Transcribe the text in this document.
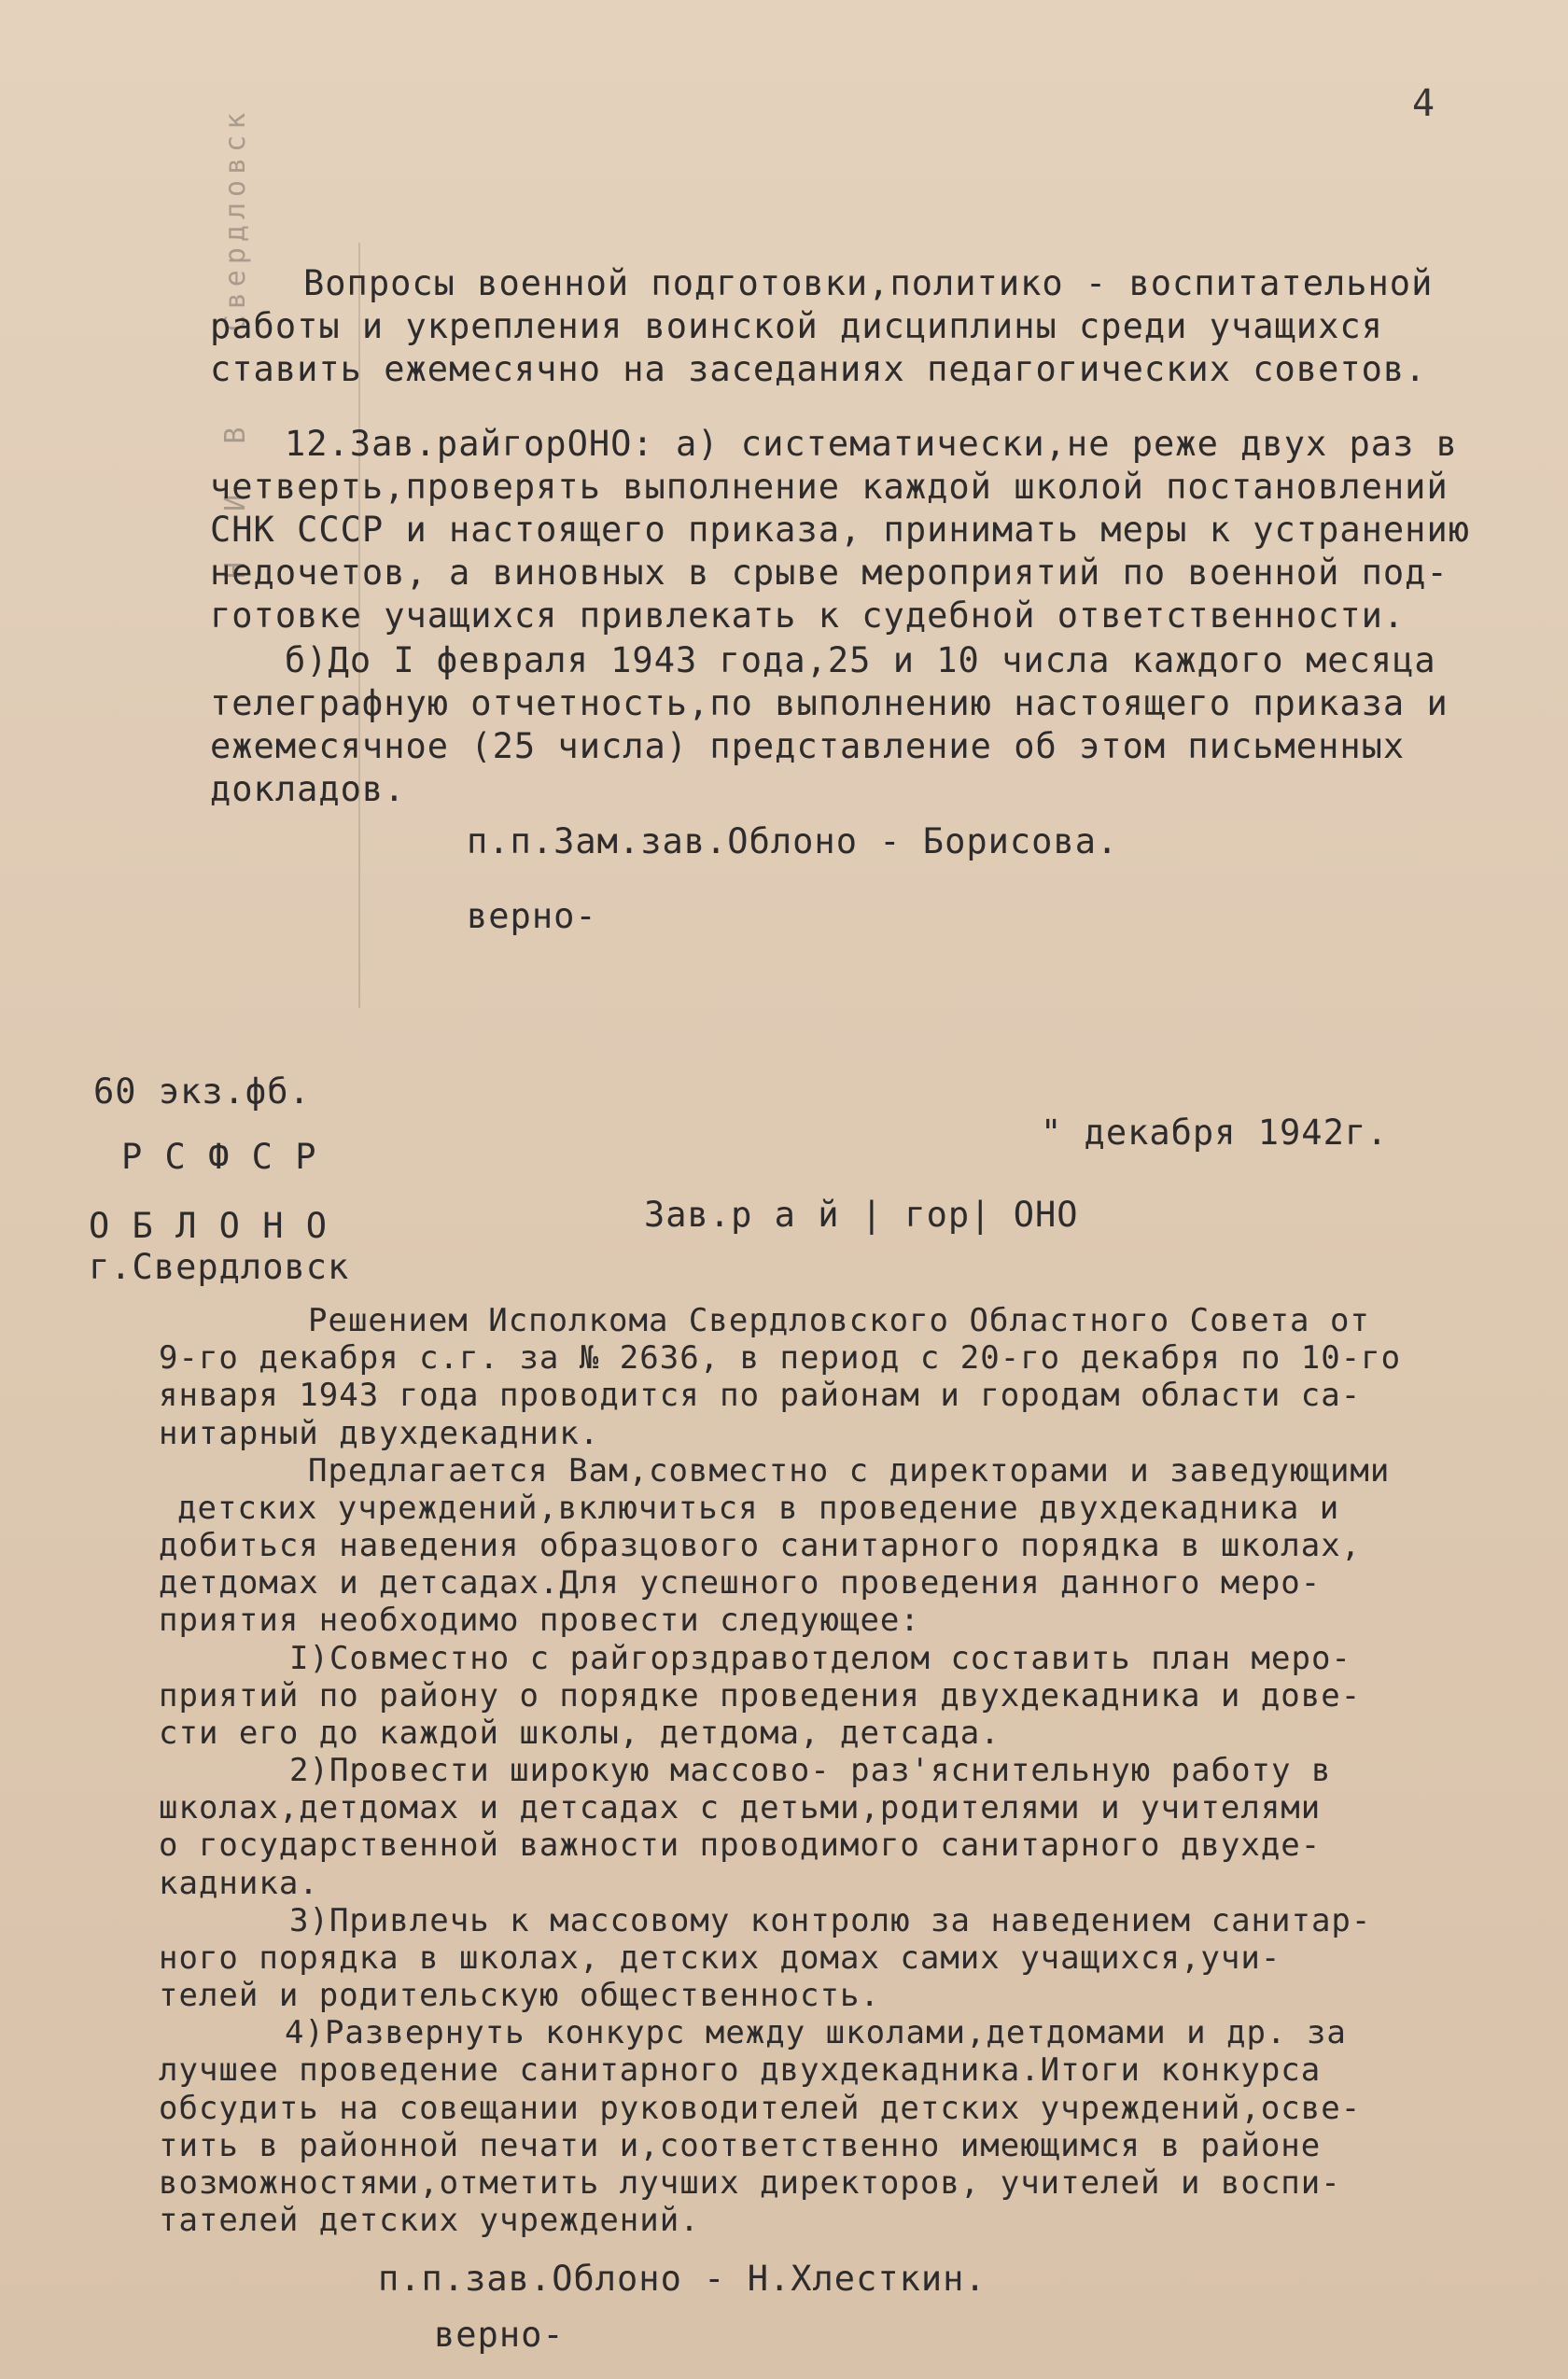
Н  И  В    Свердловск
4
Вопросы военной подготовки,политико - воспитательной
работы и укрепления воинской дисциплины среди учащихся
ставить ежемесячно на заседаниях педагогических советов.
12.Зав.райгорОНО: а) систематически,не реже двух раз в
четверть,проверять выполнение каждой школой постановлений
СНК СССР и настоящего приказа, принимать меры к устранению
недочетов, а виновных в срыве мероприятий по военной под-
готовке учащихся привлекать к судебной ответственности.
б)До I февраля 1943 года,25 и 10 числа каждого месяца
телеграфную отчетность,по выполнению настоящего приказа и
ежемесячное (25 числа) представление об этом письменных
докладов.
п.п.Зам.зав.Облоно - Борисова.
верно-
60 экз.фб.
" декабря 1942г.
Р С Ф С Р
Зав.р а й | гор| ОНО
О Б Л О Н О
г.Свердловск
Решением Исполкома Свердловского Областного Совета от
9-го декабря с.г. за № 2636, в период с 20-го декабря по 10-го
января 1943 года проводится по районам и городам области са-
нитарный двухдекадник.
Предлагается Вам,совместно с директорами и заведующими
детских учреждений,включиться в проведение двухдекадника и
добиться наведения образцового санитарного порядка в школах,
детдомах и детсадах.Для успешного проведения данного меро-
приятия необходимо провести следующее:
I)Совместно с райгорздравотделом составить план меро-
приятий по району о порядке проведения двухдекадника и дове-
сти его до каждой школы, детдома, детсада.
2)Провести широкую массово- раз'яснительную работу в
школах,детдомах и детсадах с детьми,родителями и учителями
о государственной важности проводимого санитарного двухде-
кадника.
3)Привлечь к массовому контролю за наведением санитар-
ного порядка в школах, детских домах самих учащихся,учи-
телей и родительскую общественность.
4)Развернуть конкурс между школами,детдомами и др. за
лучшее проведение санитарного двухдекадника.Итоги конкурса
обсудить на совещании руководителей детских учреждений,осве-
тить в районной печати и,соответственно имеющимся в районе
возможностями,отметить лучших директоров, учителей и воспи-
тателей детских учреждений.
п.п.зав.Облоно - Н.Хлесткин.
верно-
